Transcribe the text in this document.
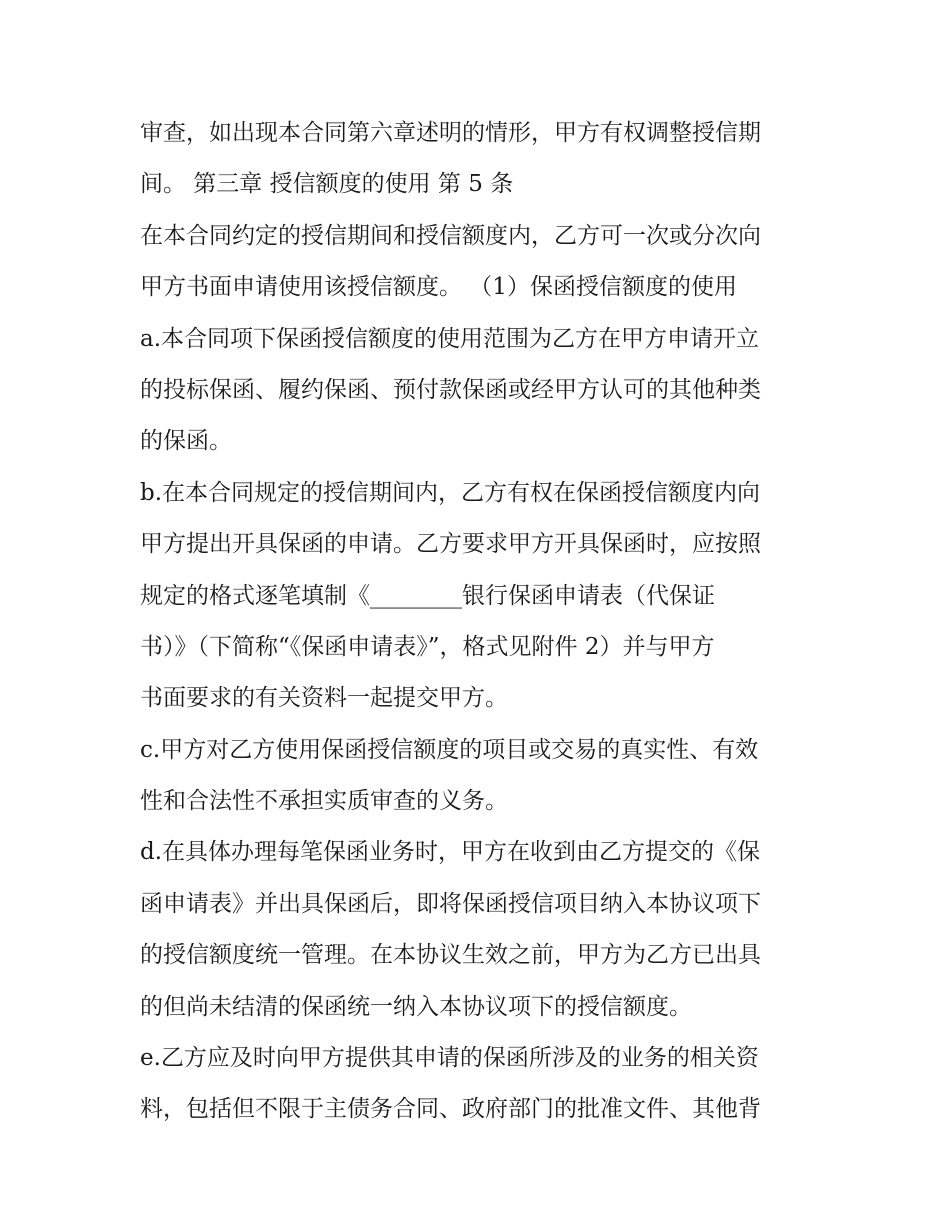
审查，如出现本合同第六章述明的情形，甲方有权调整授信期
间。 第三章 授信额度的使用 第 5 条
在本合同约定的授信期间和授信额度内，乙方可一次或分次向
甲方书面申请使用该授信额度。 （1）保函授信额度的使用
a.本合同项下保函授信额度的使用范围为乙方在甲方申请开立
的投标保函、履约保函、预付款保函或经甲方认可的其他种类
的保函。
b.在本合同规定的授信期间内，乙方有权在保函授信额度内向
甲方提出开具保函的申请。乙方要求甲方开具保函时，应按照
规定的格式逐笔填制《________银行保函申请表（代保证
书）》（下简称“《保函申请表》”，格式见附件 2）并与甲方
书面要求的有关资料一起提交甲方。
c.甲方对乙方使用保函授信额度的项目或交易的真实性、有效
性和合法性不承担实质审查的义务。
d.在具体办理每笔保函业务时，甲方在收到由乙方提交的《保
函申请表》并出具保函后，即将保函授信项目纳入本协议项下
的授信额度统一管理。在本协议生效之前，甲方为乙方已出具
的但尚未结清的保函统一纳入本协议项下的授信额度。
e.乙方应及时向甲方提供其申请的保函所涉及的业务的相关资
料，包括但不限于主债务合同、政府部门的批准文件、其他背
